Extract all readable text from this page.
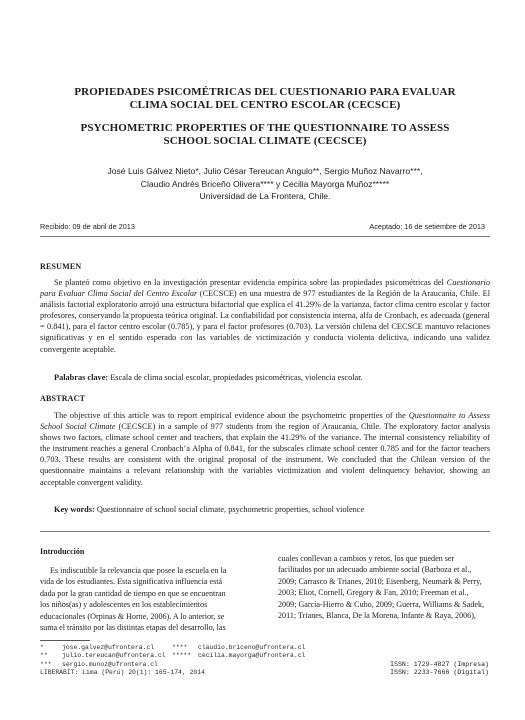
PROPIEDADES PSICOMÉTRICAS DEL CUESTIONARIO PARA EVALUAR
CLIMA SOCIAL DEL CENTRO ESCOLAR (CECSCE)
PSYCHOMETRIC PROPERTIES OF THE QUESTIONNAIRE TO ASSESS
SCHOOL SOCIAL CLIMATE (CECSCE)
José Luis Gálvez Nieto*, Julio César Tereucan Angulo**, Sergio Muñoz Navarro***,
Claudio Andrés Briceño Olivera**** y Cecilia Mayorga Muñoz*****
Universidad de La Frontera, Chile.
Recibido: 09 de abril de 2013	Aceptado: 16 de setiembre de 2013
RESUMEN

Se planteó como objetivo en la investigación presentar evidencia empírica sobre las propiedades psicométricas del Cuestionario para Evaluar Clima Social del Centro Escolar (CECSCE) en una muestra de 977 estudiantes de la Región de la Araucanía, Chile. El análisis factorial exploratorio arrojó una estructura bifactorial que explica el 41.29% de la varianza, factor clima centro escolar y factor profesores, conservando la propuesta teórica original. La confiabilidad por consistencia interna, alfa de Cronbach, es adecuada (general = 0.841), para el factor centro escolar (0.785), y para el factor profesores (0.703). La versión chilena del CECSCE mantuvo relaciones significativas y en el sentido esperado con las variables de victimización y conducta violenta delictiva, indicando una validez convergente aceptable.

Palabras clave: Escala de clima social escolar, propiedades psicométricas, violencia escolar.
ABSTRACT

The objective of this article was to report empirical evidence about the psychometric properties of the Questionnaire to Assess School Social Climate (CECSCE) in a sample of 977 students from the region of Araucania, Chile. The exploratory factor analysis shows two factors, climate school center and teachers, that explain the 41.29% of the variance. The internal consistency reliability of the instrument reaches a general Cronbach’a Alpha of 0.841, for the subscales climate school center 0.785 and for the factor teachers 0.703. These results are consistent with the original proposal of the instrument. We concluded that the Chilean version of the questionnaire maintains a relevant relationship with the variables victimization and violent delinquency behavior, showing an acceptable convergent validity.

Key words: Questionnaire of school social climate, psychometric properties, school violence
Introducción

Es indiscutible la relevancia que posee la escuela en la

vida de los estudiantes. Esta significativa influencia está

dada por la gran cantidad de tiempo en que se encuentran

los niños(as) y adolescentes en los establecimientos

educacionales (Orpinas & Horne, 2006). A lo anterior, se

suma el tránsito por las distintas etapas del desarrollo, las

cuales conllevan a cambios y retos, los que pueden ser

facilitados por un adecuado ambiente social (Barboza et al.,

2009; Carrasco & Trianes, 2010; Eisenberg, Neumark & Perry,

2003; Eliot, Cornell, Gregory & Fan, 2010; Freeman et al.,

2009; García-Hierro & Cubo, 2009; Guerra, Williams & Sadek,

2011; Trianes, Blanca, De la Morena, Infante & Raya, 2006),

*	jose.galvez@ufrontera.cl
** julio.tereucan@ufrontera.cl
*** sergio.munoz@ufrontera.cl
**** claudio.briceno@ufrontera.cl
***** cecilia.mayorga@ufrontera.cl
LIBERABIT: Lima (Perú) 20(1): 165-174, 2014
ISSN: 1729-4827 (Impresa)
ISSN: 2233-7666 (Digital)
